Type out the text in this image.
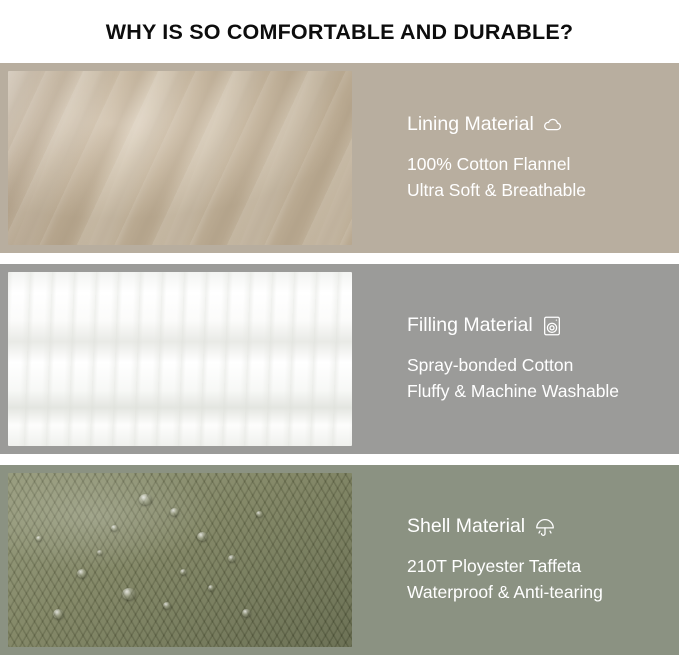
WHY IS SO COMFORTABLE AND DURABLE?
Lining Material
100% Cotton Flannel
Ultra Soft & Breathable
Filling Material
Spray-bonded Cotton
Fluffy & Machine Washable
Shell Material
210T Ployester Taffeta
Waterproof & Anti-tearing
